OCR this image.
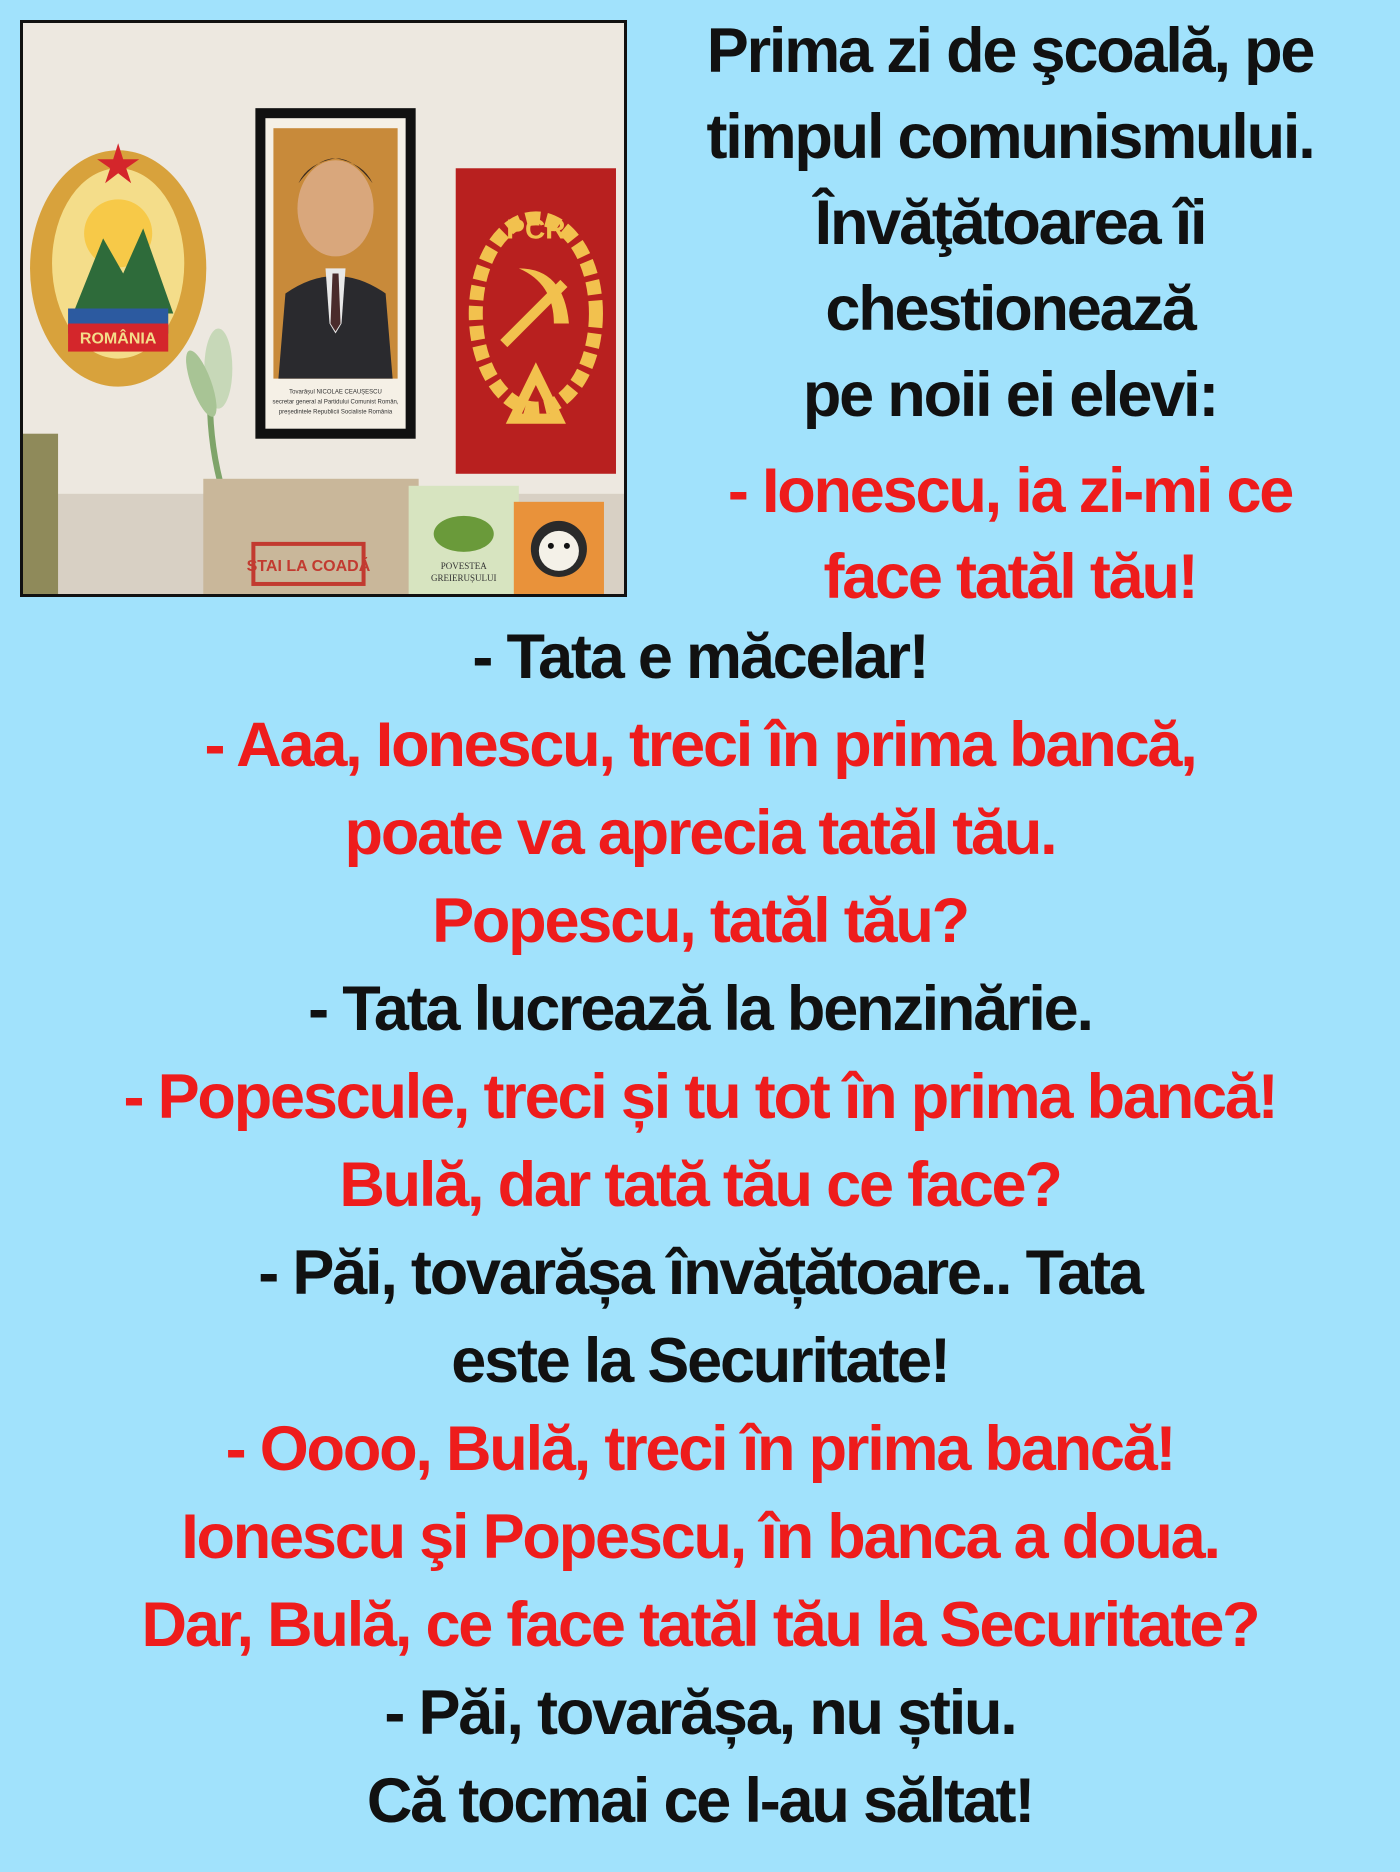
ROMÂNIA
Tovarășul NICOLAE CEAUȘESCU
secretar general al Partidului Comunist Român,
președintele Republicii Socialiste România
PCR
STAI LA COADĂ	POVESTEA
GREIERUȘULUI
Prima zi de şcoală, pe
timpul comunismului.
Învăţătoarea îi
chestionează
pe noii ei elevi:
- Ionescu, ia zi-mi ce
face tatăl tău!
- Tata e măcelar!
- Aaa, Ionescu, treci în prima bancă,
poate va aprecia tatăl tău.
Popescu, tatăl tău?
- Tata lucrează la benzinărie.
- Popescule, treci și tu tot în prima bancă!
Bulă, dar tată tău ce face?
- Păi, tovarășa învățătoare.. Tata
este la Securitate!
- Oooo, Bulă, treci în prima bancă!
Ionescu şi Popescu, în banca a doua.
Dar, Bulă, ce face tatăl tău la Securitate?
- Păi, tovarășa, nu știu.
Că tocmai ce l-au săltat!
